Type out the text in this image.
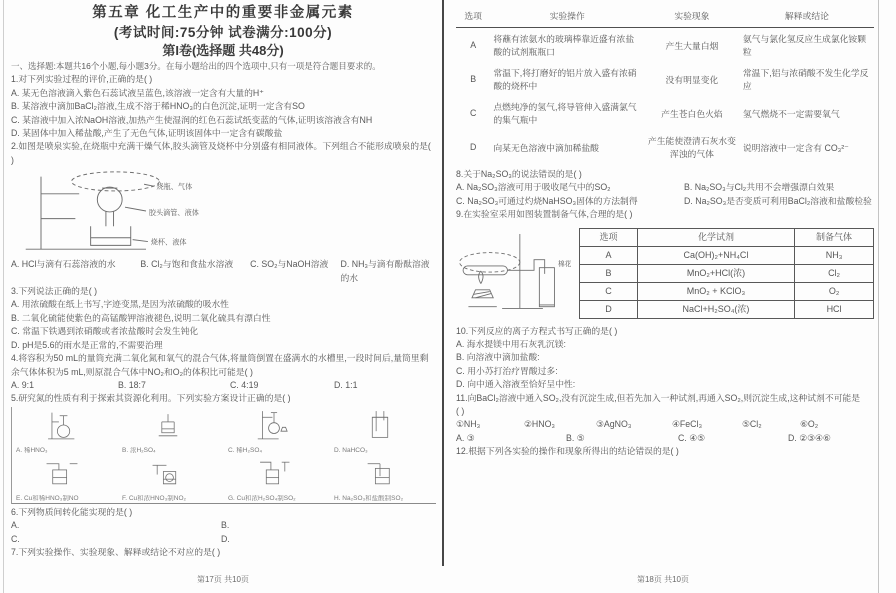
第五章 化工生产中的重要非金属元素
(考试时间:75分钟 试卷满分:100分)
第I卷(选择题 共48分)
一、选择题:本题共16个小题,每小题3分。在每小题给出的四个选项中,只有一项是符合题目要求的。
1.对下列实验过程的评价,正确的是( )
A. 某无色溶液滴入紫色石蕊试液呈蓝色,该溶液一定含有大量的H⁺
B. 某溶液中滴加BaCl₂溶液,生成不溶于稀HNO₃的白色沉淀,证明一定含有SO
C. 某溶液中加入浓NaOH溶液,加热产生使湿润的红色石蕊试纸变蓝的气体,证明该溶液含有NH
D. 某固体中加入稀盐酸,产生了无色气体,证明该固体中一定含有碳酸盐
2.如图是喷泉实验,在烧瓶中充满干燥气体,胶头滴管及烧杯中分别盛有相同液体。下列组合不能形成喷泉的是(
)
烧瓶、气体
胶头滴管、液体
烧杯、液体
A. HCl与滴有石蕊溶液的水	B. Cl₂与饱和食盐水溶液	C. SO₂与NaOH溶液	D. NH₃与滴有酚酞溶液的水
3.下列说法正确的是( )
A. 用浓硫酸在纸上书写,字迹变黑,是因为浓硫酸的吸水性
B. 二氧化硫能使紫色的高锰酸钾溶液褪色,说明二氧化硫具有漂白性
C. 常温下铁遇到浓硝酸或者浓盐酸时会发生钝化
D. pH是5.6的雨水是正常的,不需要治理
4.将容积为50 mL的量筒充满二氧化氮和氧气的混合气体,将量筒倒置在盛满水的水槽里,一段时间后,量筒里剩余气体体积为5 mL,则原混合气体中NO₂和O₂的体积比可能是( )
A. 9:1	B. 18:7	C. 4:19	D. 1:1
5.研究氮的性质有利于探索其资源化利用。下列实验方案设计正确的是( )
A. 稀HNO₃	B. 浓H₂SO₄	C. 稀H₂SO₄	D. NaHCO₃
E. Cu和稀HNO₃制NO	F. Cu和浓HNO₃制NO₂	G. Cu和浓H₂SO₄制SO₂	H. Na₂SO₃和盐酸制SO₂
6.下列物质间转化能实现的是( )
A.	B.
C.	D.
7.下列实验操作、实验现象、解释或结论不对应的是( )
第17页 共10页
选项	实验操作	实验现象	解释或结论
A	将蘸有浓氨水的玻璃棒靠近盛有浓盐酸的试剂瓶瓶口	产生大量白烟	氨气与氯化氢反应生成氯化铵颗粒
B	常温下,将打磨好的铝片放入盛有浓硝酸的烧杯中	没有明显变化	常温下,铝与浓硝酸不发生化学反应
C	点燃纯净的氢气,将导管伸入盛满氯气的集气瓶中	产生苍白色火焰	氢气燃烧不一定需要氧气
D	向某无色溶液中滴加稀盐酸	产生能使澄清石灰水变浑浊的气体	说明溶液中一定含有 CO₃²⁻
8.关于Na₂SO₃的说法错误的是( )
A. Na₂SO₃溶液可用于吸收尾气中的SO₂	B. Na₂SO₃与Cl₂共用不会增强漂白效果
C. Na₂SO₃可通过灼烧NaHSO₃固体的方法制得	D. Na₂SO₃是否变质可利用BaCl₂溶液和盐酸检验
9.在实验室采用如图装置制备气体,合理的是( )
棉花
选项	化学试剂	制备气体
A	Ca(OH)₂+NH₄Cl	NH₃
B	MnO₂+HCl(浓)	Cl₂
C	MnO₂ + KClO₃	O₂
D	NaCl+H₂SO₄(浓)	HCl
10.下列反应的离子方程式书写正确的是( )
A. 海水提镁中用石灰乳沉镁:
B. 向溶液中滴加盐酸:
C. 用小苏打治疗胃酸过多:
D. 向中通入溶液至恰好呈中性:
11.向BaCl₂溶液中通入SO₂,没有沉淀生成,但若先加入一种试剂,再通入SO₂,则沉淀生成,这种试剂不可能是
( )
①NH₃	②HNO₃	③AgNO₃	④FeCl₃	⑤Cl₂	⑥O₂
A. ③	B. ⑤	C. ④⑤	D. ②③④⑥
12.根据下列各实验的操作和现象所得出的结论错误的是( )
第18页 共10页
